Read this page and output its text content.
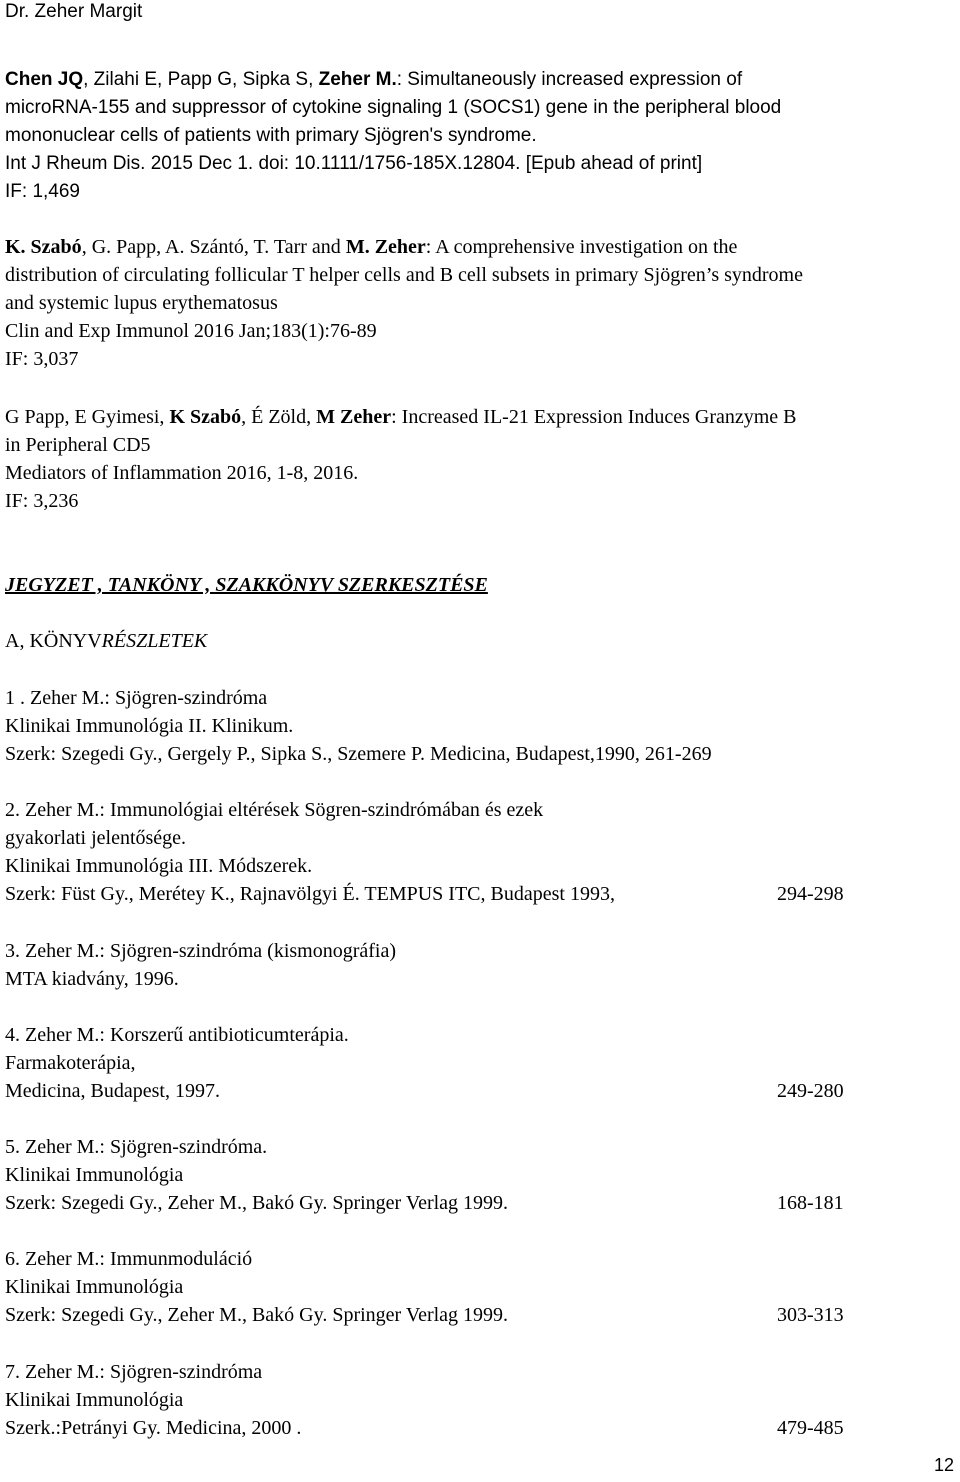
Dr. Zeher Margit
Chen JQ, Zilahi E, Papp G, Sipka S, Zeher M.: Simultaneously increased expression of
microRNA-155 and suppressor of cytokine signaling 1 (SOCS1) gene in the peripheral blood
mononuclear cells of patients with primary Sjögren's syndrome.
Int J Rheum Dis. 2015 Dec 1. doi: 10.1111/1756-185X.12804. [Epub ahead of print]
IF: 1,469
K. Szabó, G. Papp, A. Szántó, T. Tarr and M. Zeher: A comprehensive investigation on the
distribution of circulating follicular T helper cells and B cell subsets in primary Sjögren’s syndrome
and systemic lupus erythematosus
Clin and Exp Immunol 2016 Jan;183(1):76-89
IF: 3,037
G Papp, E Gyimesi, K Szabó, É Zöld, M Zeher: Increased IL-21 Expression Induces Granzyme B
in Peripheral CD5
Mediators of Inflammation 2016, 1-8, 2016.
IF: 3,236
JEGYZET , TANKÖNY , SZAKKÖNYV SZERKESZTÉSE
A, KÖNYVRÉSZLETEK
1 . Zeher M.: Sjögren-szindróma
Klinikai Immunológia II. Klinikum.
Szerk: Szegedi Gy., Gergely P., Sipka S., Szemere P. Medicina, Budapest,1990, 261-269
2. Zeher M.: Immunológiai eltérések Sögren-szindrómában és ezek
gyakorlati jelentősége.
Klinikai Immunológia III. Módszerek.
Szerk: Füst Gy., Merétey K., Rajnavölgyi É. TEMPUS ITC, Budapest 1993,	294-298
3. Zeher M.: Sjögren-szindróma (kismonográfia)
MTA kiadvány, 1996.
4. Zeher M.: Korszerű antibioticumterápia.
Farmakoterápia,
Medicina, Budapest, 1997.	249-280
5. Zeher M.: Sjögren-szindróma.
Klinikai Immunológia
Szerk: Szegedi Gy., Zeher M., Bakó Gy. Springer Verlag 1999.	168-181
6. Zeher M.: Immunmoduláció
Klinikai Immunológia
Szerk: Szegedi Gy., Zeher M., Bakó Gy. Springer Verlag 1999.	303-313
7. Zeher M.: Sjögren-szindróma
Klinikai Immunológia
Szerk.:Petrányi Gy. Medicina, 2000 .	479-485
12
